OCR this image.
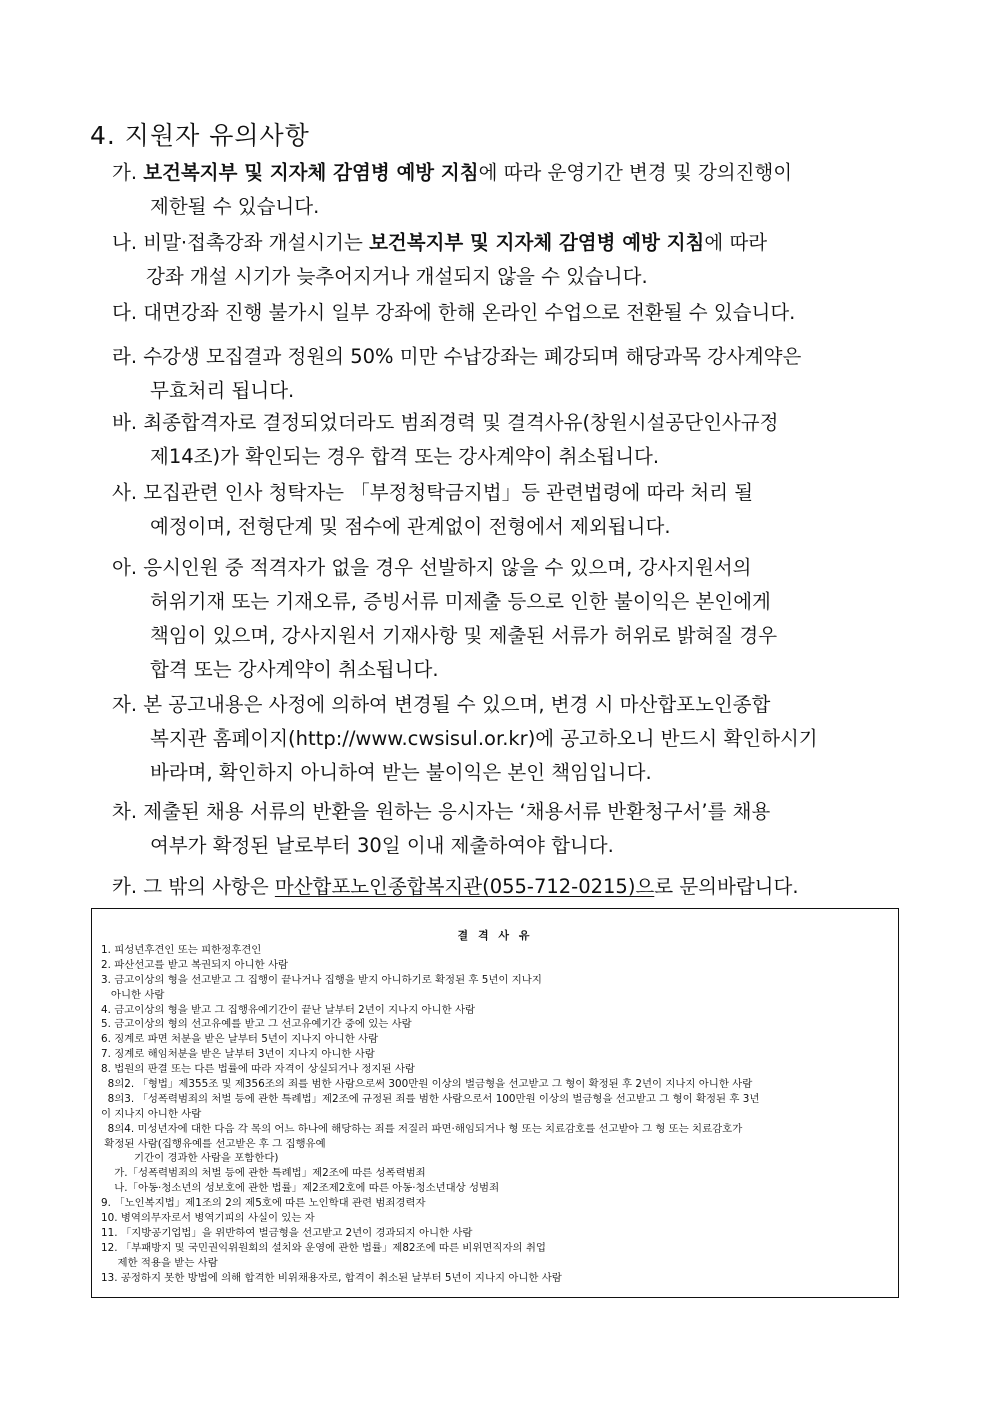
4. 지원자 유의사항
가. 보건복지부 및 지자체 감염병 예방 지침에 따라 운영기간 변경 및 강의진행이
제한될 수 있습니다.
나. 비말·접촉강좌 개설시기는 보건복지부 및 지자체 감염병 예방 지침에 따라
강좌 개설 시기가 늦추어지거나 개설되지 않을 수 있습니다.
다. 대면강좌 진행 불가시 일부 강좌에 한해 온라인 수업으로 전환될 수 있습니다.
라. 수강생 모집결과 정원의 50% 미만 수납강좌는 폐강되며 해당과목 강사계약은
무효처리 됩니다.
바. 최종합격자로 결정되었더라도 범죄경력 및 결격사유(창원시설공단인사규정
제14조)가 확인되는 경우 합격 또는 강사계약이 취소됩니다.
사. 모집관련 인사 청탁자는 「부정청탁금지법」등 관련법령에 따라 처리 될
예정이며, 전형단계 및 점수에 관계없이 전형에서 제외됩니다.
아. 응시인원 중 적격자가 없을 경우 선발하지 않을 수 있으며, 강사지원서의
허위기재 또는 기재오류, 증빙서류 미제출 등으로 인한 불이익은 본인에게
책임이 있으며, 강사지원서 기재사항 및 제출된 서류가 허위로 밝혀질 경우
합격 또는 강사계약이 취소됩니다.
자. 본 공고내용은 사정에 의하여 변경될 수 있으며, 변경 시 마산합포노인종합
복지관 홈페이지(http://www.cwsisul.or.kr)에 공고하오니 반드시 확인하시기
바라며, 확인하지 아니하여 받는 불이익은 본인 책임입니다.
차. 제출된 채용 서류의 반환을 원하는 응시자는 ‘채용서류 반환청구서’를 채용
여부가 확정된 날로부터 30일 이내 제출하여야 합니다.
카. 그 밖의 사항은 마산합포노인종합복지관(055-712-0215)으로 문의바랍니다.
결 격 사 유
1. 피성년후견인 또는 피한정후견인
2. 파산선고를 받고 복권되지 아니한 사람
3. 금고이상의 형을 선고받고 그 집행이 끝나거나 집행을 받지 아니하기로 확정된 후 5년이 지나지
아니한 사람
4. 금고이상의 형을 받고 그 집행유예기간이 끝난 날부터 2년이 지나지 아니한 사람
5. 금고이상의 형의 선고유예를 받고 그 선고유예기간 중에 있는 사람
6. 징계로 파면 처분을 받은 날부터 5년이 지나지 아니한 사람
7. 징계로 해임처분을 받은 날부터 3년이 지나지 아니한 사람
8. 법원의 판결 또는 다른 법률에 따라 자격이 상실되거나 정지된 사람
8의2. 「형법」제355조 및 제356조의 죄를 범한 사람으로써 300만원 이상의 벌금형을 선고받고 그 형이 확정된 후 2년이 지나지 아니한 사람
8의3. 「성폭력범죄의 처벌 등에 관한 특례법」제2조에 규정된 죄를 범한 사람으로서 100만원 이상의 벌금형을 선고받고 그 형이 확정된 후 3년
이 지나지 아니한 사람
8의4. 미성년자에 대한 다음 각 목의 어느 하나에 해당하는 죄를 저질러 파면·해임되거나 형 또는 치료감호를 선고받아 그 형 또는 치료감호가
확정된 사람(집행유예를 선고받은 후 그 집행유예
기간이 경과한 사람을 포함한다)
가.「성폭력범죄의 처벌 등에 관한 특례법」제2조에 따른 성폭력범죄
나.「아동·청소년의 성보호에 관한 법률」제2조제2호에 따른 아동·청소년대상 성범죄
9. 「노인복지법」제1조의 2의 제5호에 따른 노인학대 관련 범죄경력자
10. 병역의무자로서 병역기피의 사실이 있는 자
11. 「지방공기업법」을 위반하여 벌금형을 선고받고 2년이 경과되지 아니한 사람
12. 「부패방지 및 국민권익위원회의 설치와 운영에 관한 법률」제82조에 따른 비위면직자의 취업
제한 적용을 받는 사람
13. 공정하지 못한 방법에 의해 합격한 비위채용자로, 합격이 취소된 날부터 5년이 지나지 아니한 사람
